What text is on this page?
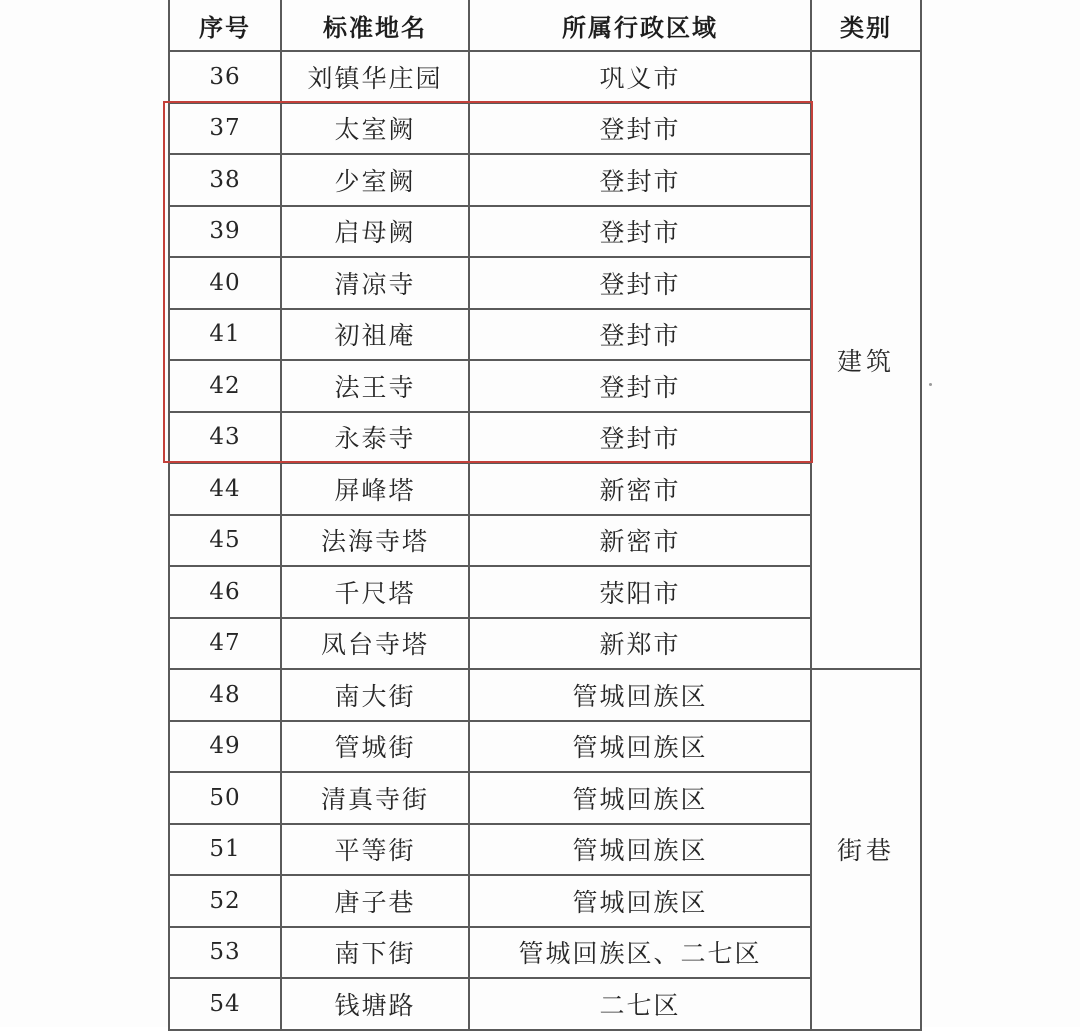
序号	标准地名	所属行政区域	类别
36	刘镇华庄园	巩义市	建筑
37	太室阙	登封市	
38	少室阙	登封市	
39	启母阙	登封市	
40	清凉寺	登封市	
41	初祖庵	登封市	
42	法王寺	登封市	
43	永泰寺	登封市	
44	屏峰塔	新密市	
45	法海寺塔	新密市	
46	千尺塔	荥阳市	
47	凤台寺塔	新郑市	
48	南大街	管城回族区	街巷
49	管城街	管城回族区	
50	清真寺街	管城回族区	
51	平等街	管城回族区	
52	唐子巷	管城回族区	
53	南下街	管城回族区、二七区	
54	钱塘路	二七区	
